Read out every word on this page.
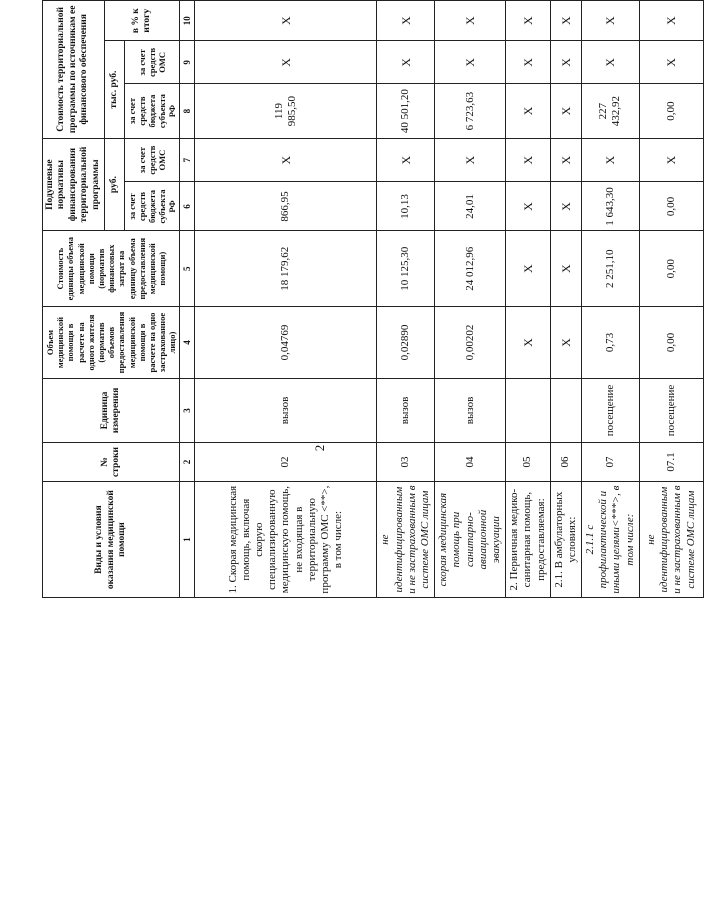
2
Виды и условия оказания медицинской помощи	№ строки	Единица измерения	Объем медицинской помощи в расчете на одного жителя (норматив объемов предоставления медицинской помощи в расчете на одно застрахованное лицо)	Стоимость единицы объема медицинской помощи (норматив финансовых затрат на единицу объема предоставления медицинской помощи)	Подушевые нормативы финансирования территориальной программы		Стоимость территориальной программы по источникам ее финансового обеспечения		
					руб.		тыс. руб.		в % к итогу
					за счет средств бюджета субъекта РФ	за счет средств ОМС	за счет средств бюджета субъекта РФ	за счет средств ОМС	
1	2	3	4	5	6	7	8	9	10
1. Скорая медицинская помощь, включая скорую специализированную медицинскую помощь, не входящая в территориальную программу ОМС <**>, в том числе:	02	вызов	0,04769	18 179,62	866,95	X	119 985,50	X	X
не идентифицированным и не застрахованным в системе ОМС лицам	03	вызов	0,02890	10 125,30	10,13	X	40 501,20	X	X
скорая медицинская помощь при санитарно-авиационной эвакуации	04	вызов	0,00202	24 012,96	24,01	X	6 723,63	X	X
2. Первичная медико-санитарная помощь, предоставляемая:	05		X	X	X	X	X	X	X
2.1. В амбулаторных условиях:	06		X	X	X	X	X	X	X
2.1.1 с профилактической и иными целями<***>, в том числе:	07	посещение	0,73	2 251,10	1 643,30	X	227 432,92	X	X
не идентифицированным и не застрахованным в системе ОМС лицам	07.1	посещение	0,00	0,00	0,00	X	0,00	X	X
